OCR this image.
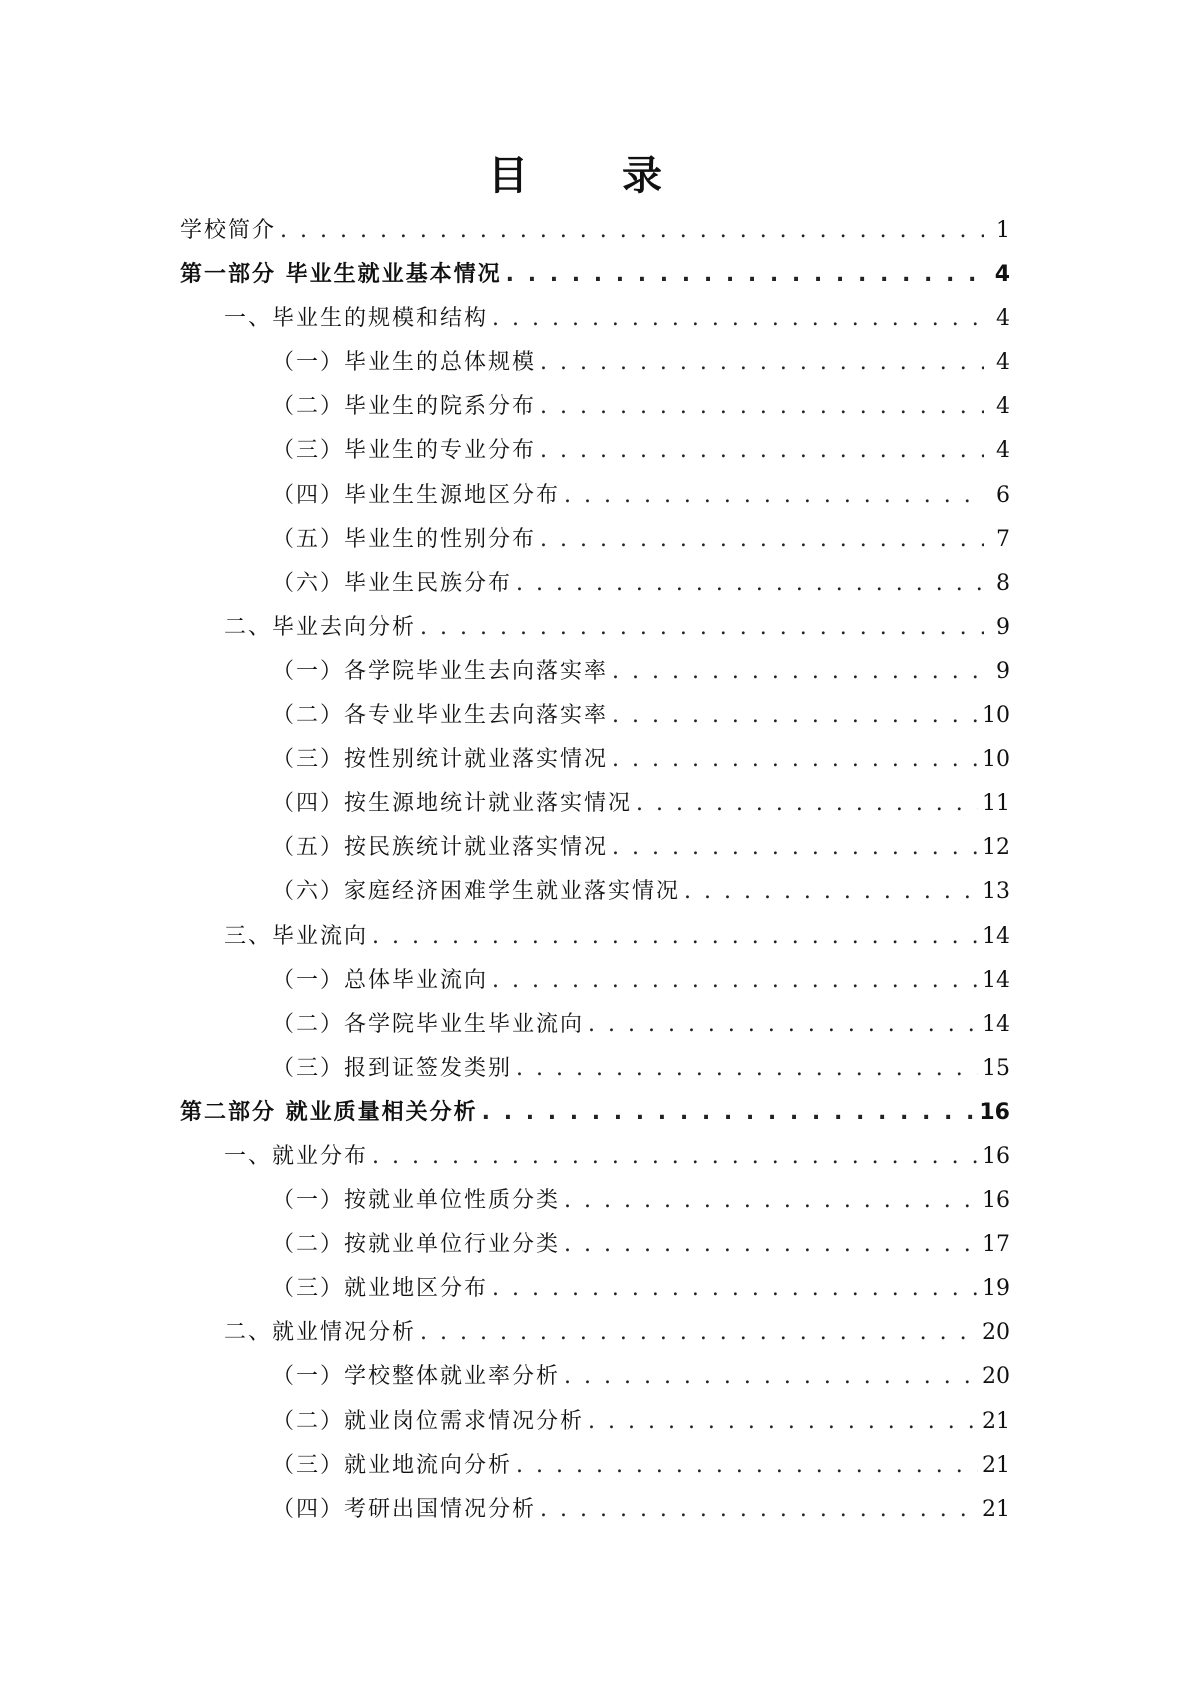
目 录
学校简介 . . .	1
第一部分 毕业生就业基本情况 . . .	4
一、毕业生的规模和结构 . . .	4
（一）毕业生的总体规模 . . .	4
（二）毕业生的院系分布 . . .	4
（三）毕业生的专业分布 . . .	4
（四）毕业生生源地区分布 . . .	6
（五）毕业生的性别分布 . . .	7
（六）毕业生民族分布 . . .	8
二、毕业去向分析 . . .	9
（一）各学院毕业生去向落实率 . . .	9
（二）各专业毕业生去向落实率 . . .	10
（三）按性别统计就业落实情况 . . .	10
（四）按生源地统计就业落实情况 . . .	11
（五）按民族统计就业落实情况 . . .	12
（六）家庭经济困难学生就业落实情况 . . .	13
三、毕业流向 . . .	14
（一）总体毕业流向 . . .	14
（二）各学院毕业生毕业流向 . . .	14
（三）报到证签发类别 . . .	15
第二部分 就业质量相关分析 . . .	16
一、就业分布 . . .	16
（一）按就业单位性质分类 . . .	16
（二）按就业单位行业分类 . . .	17
（三）就业地区分布 . . .	19
二、就业情况分析 . . .	20
（一）学校整体就业率分析 . . .	20
（二）就业岗位需求情况分析 . . .	21
（三）就业地流向分析 . . .	21
（四）考研出国情况分析 . . .	21
